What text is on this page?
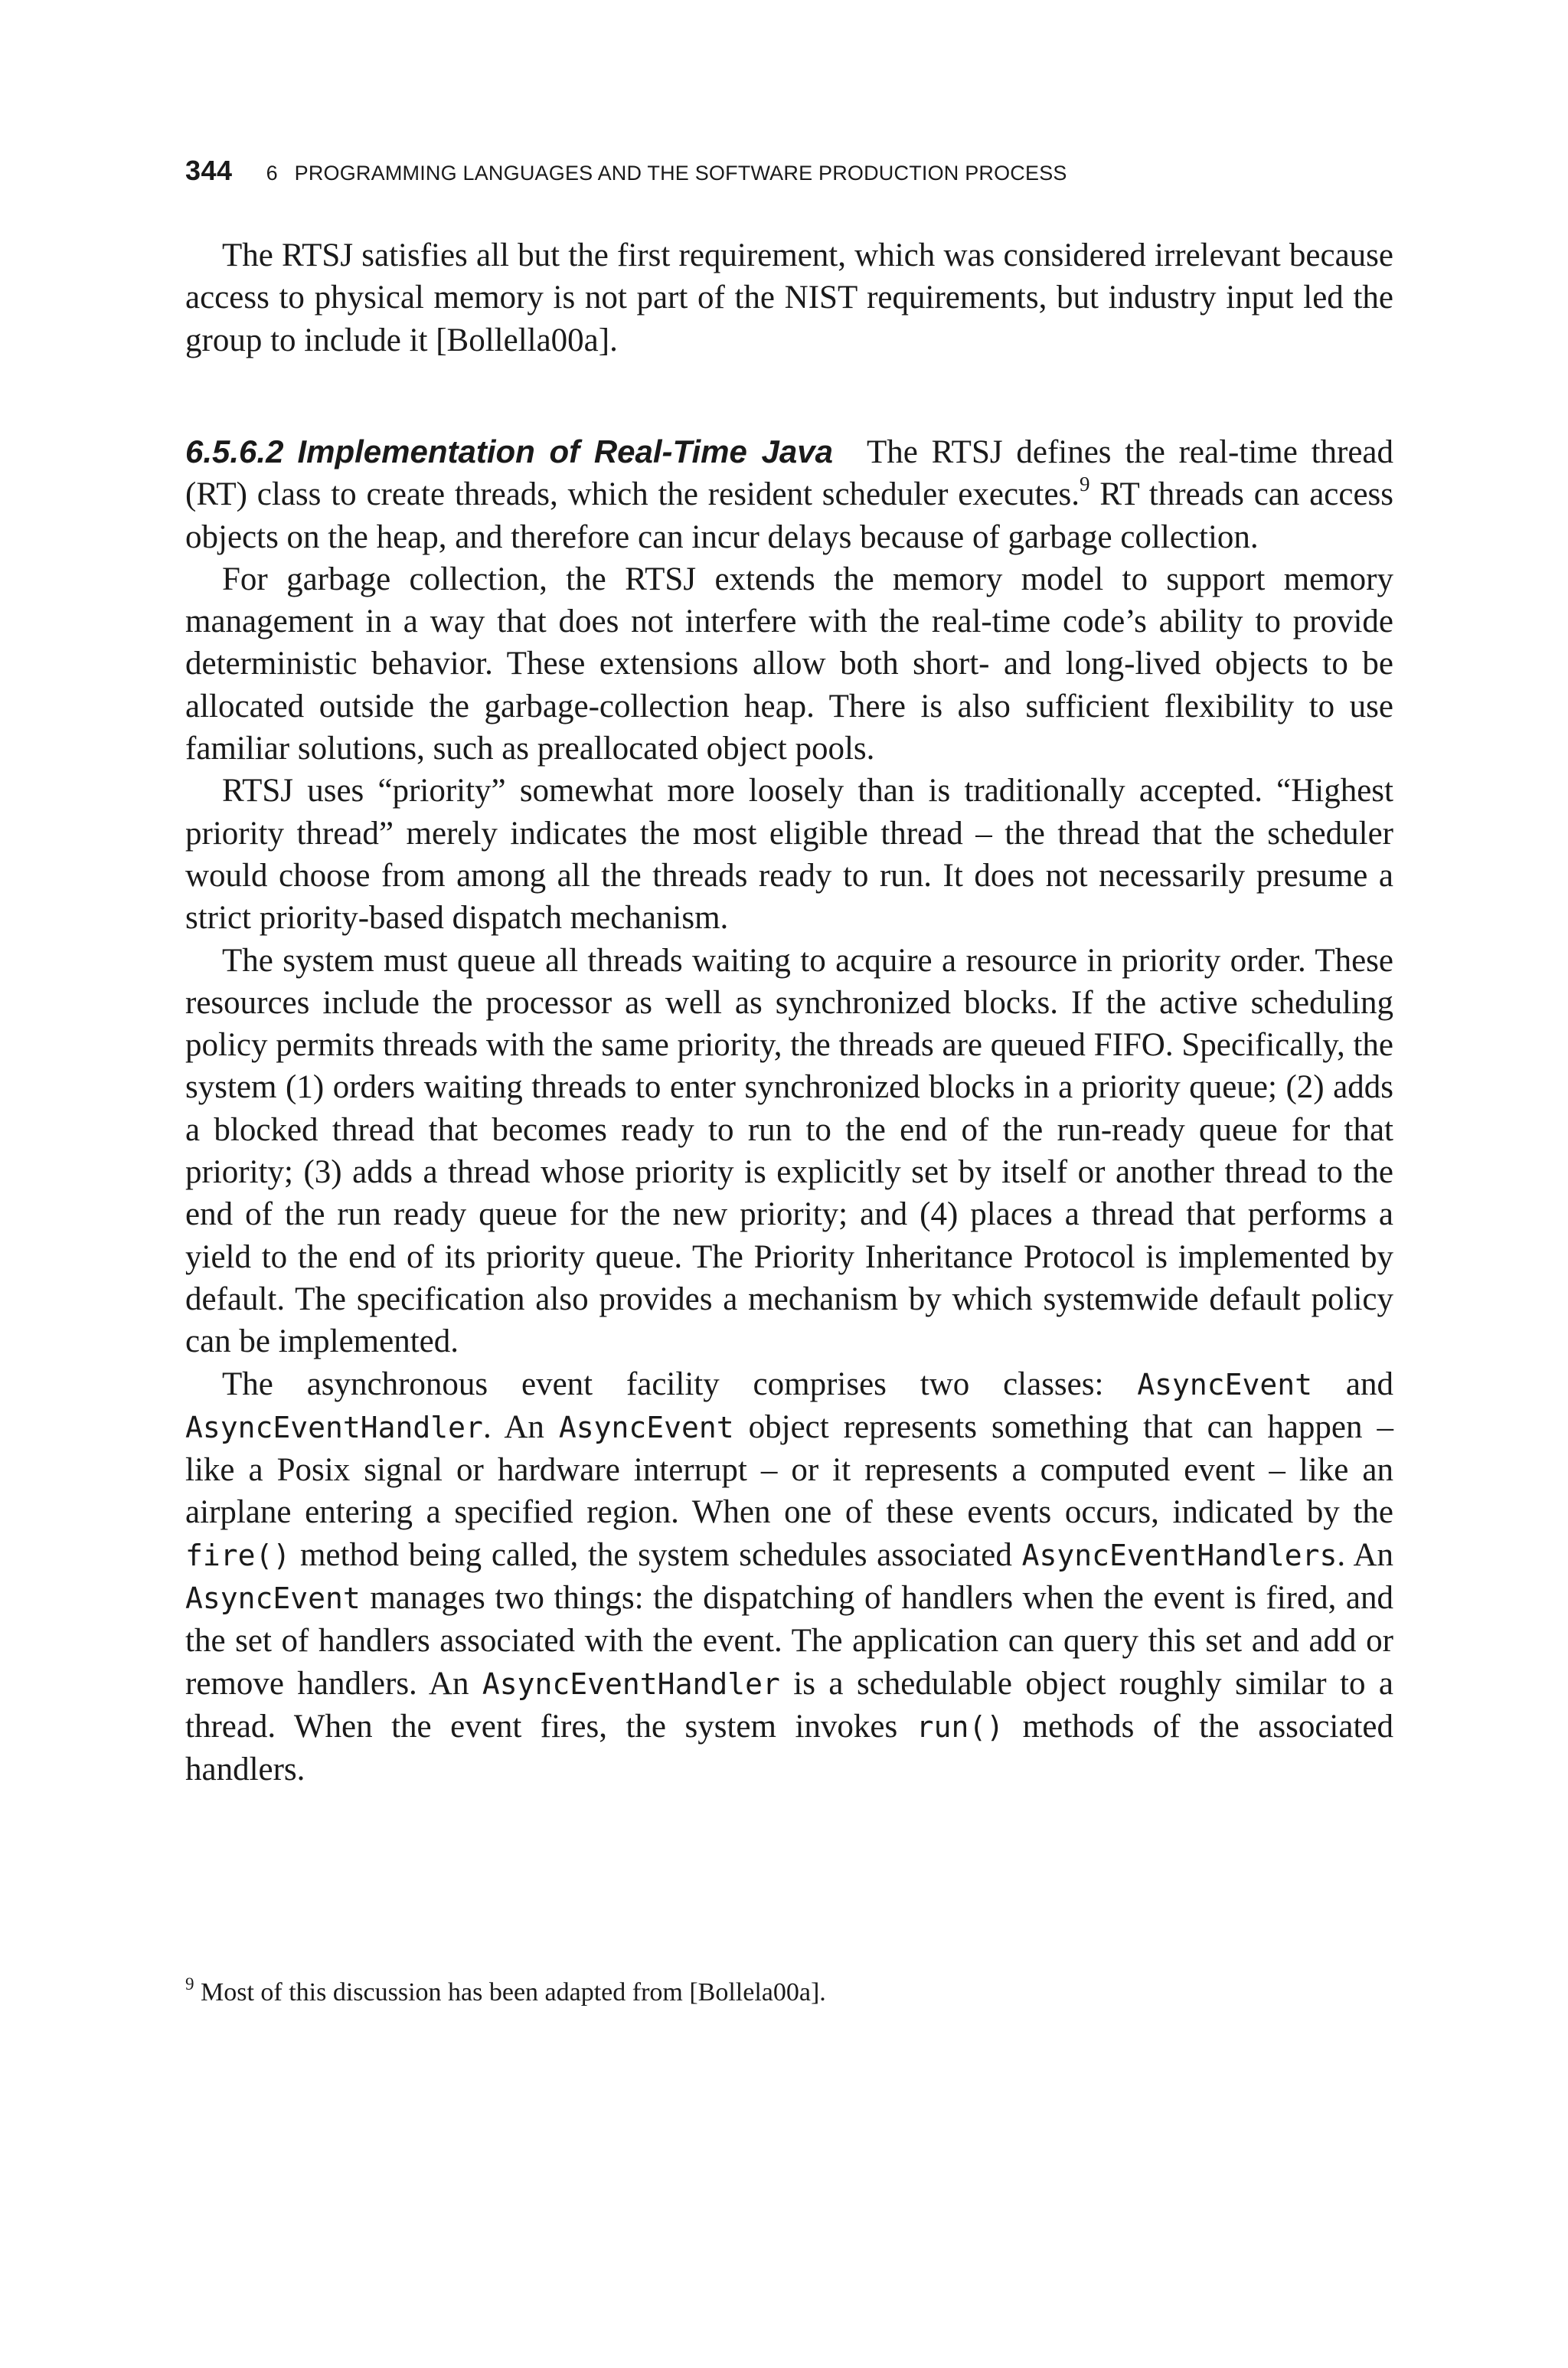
344 6 PROGRAMMING LANGUAGES AND THE SOFTWARE PRODUCTION PROCESS

The RTSJ satisfies all but the first requirement, which was considered irrelevant because access to physical memory is not part of the NIST requirements, but industry input led the group to include it [Bollella00a].

6.5.6.2 Implementation of Real-Time Java The RTSJ defines the real-time thread (RT) class to create threads, which the resident scheduler executes.$^9$ RT threads can access objects on the heap, and therefore can incur delays because of garbage collection.

For garbage collection, the RTSJ extends the memory model to support memory management in a way that does not interfere with the real-time code’s ability to provide deterministic behavior. These extensions allow both short- and long-lived objects to be allocated outside the garbage-collection heap. There is also sufficient flexibility to use familiar solutions, such as preallocated object pools.

RTSJ uses “priority” somewhat more loosely than is traditionally accepted. “Highest priority thread” merely indicates the most eligible thread – the thread that the scheduler would choose from among all the threads ready to run. It does not necessarily presume a strict priority-based dispatch mechanism.

The system must queue all threads waiting to acquire a resource in priority order. These resources include the processor as well as synchronized blocks. If the active scheduling policy permits threads with the same priority, the threads are queued FIFO. Specifically, the system (1) orders waiting threads to enter synchronized blocks in a priority queue; (2) adds a blocked thread that becomes ready to run to the end of the run-ready queue for that priority; (3) adds a thread whose priority is explicitly set by itself or another thread to the end of the run ready queue for the new priority; and (4) places a thread that performs a yield to the end of its priority queue. The Priority Inheritance Protocol is implemented by default. The specification also provides a mechanism by which systemwide default policy can be implemented.

The asynchronous event facility comprises two classes: AsyncEvent and AsyncEventHandler. An AsyncEvent object represents something that can happen – like a Posix signal or hardware interrupt – or it represents a computed event – like an airplane entering a specified region. When one of these events occurs, indicated by the fire() method being called, the system schedules associated AsyncEventHandlers. An AsyncEvent manages two things: the dispatching of handlers when the event is fired, and the set of handlers associated with the event. The application can query this set and add or remove handlers. An AsyncEventHandler is a schedulable object roughly similar to a thread. When the event fires, the system invokes run() methods of the associated handlers.

$^9$ Most of this discussion has been adapted from [Bollela00a].
